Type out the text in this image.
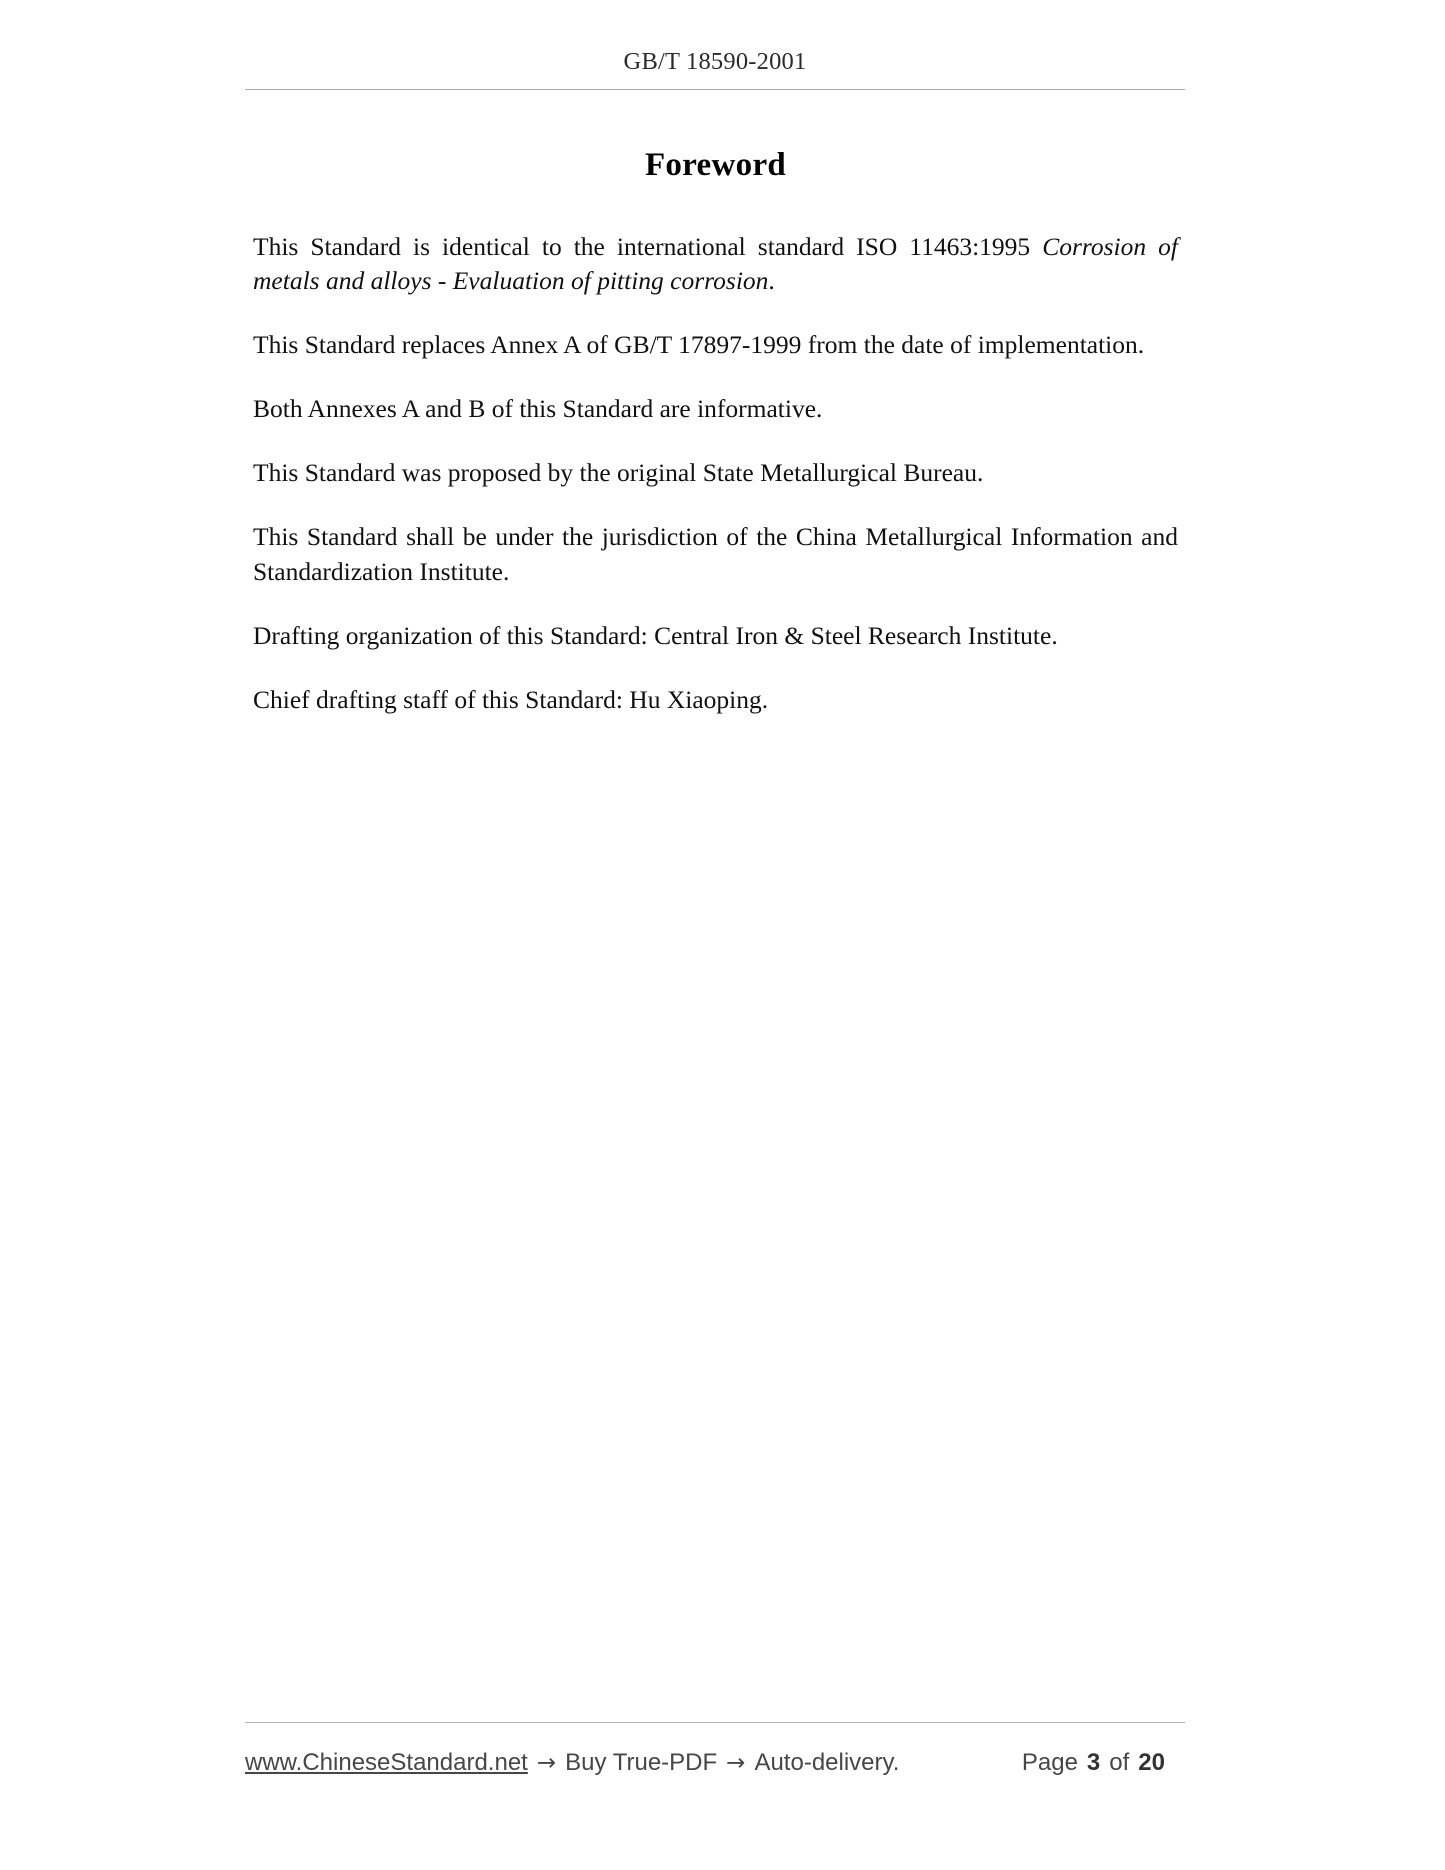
GB/T 18590-2001
Foreword

This Standard is identical to the international standard ISO 11463:1995 Corrosion of metals and alloys - Evaluation of pitting corrosion.

This Standard replaces Annex A of GB/T 17897-1999 from the date of implementation.

Both Annexes A and B of this Standard are informative.

This Standard was proposed by the original State Metallurgical Bureau.

This Standard shall be under the jurisdiction of the China Metallurgical Information and Standardization Institute.

Drafting organization of this Standard: Central Iron & Steel Research Institute.

Chief drafting staff of this Standard: Hu Xiaoping.

www.ChineseStandard.net → Buy True-PDF → Auto-delivery.	Page 3 of 20
